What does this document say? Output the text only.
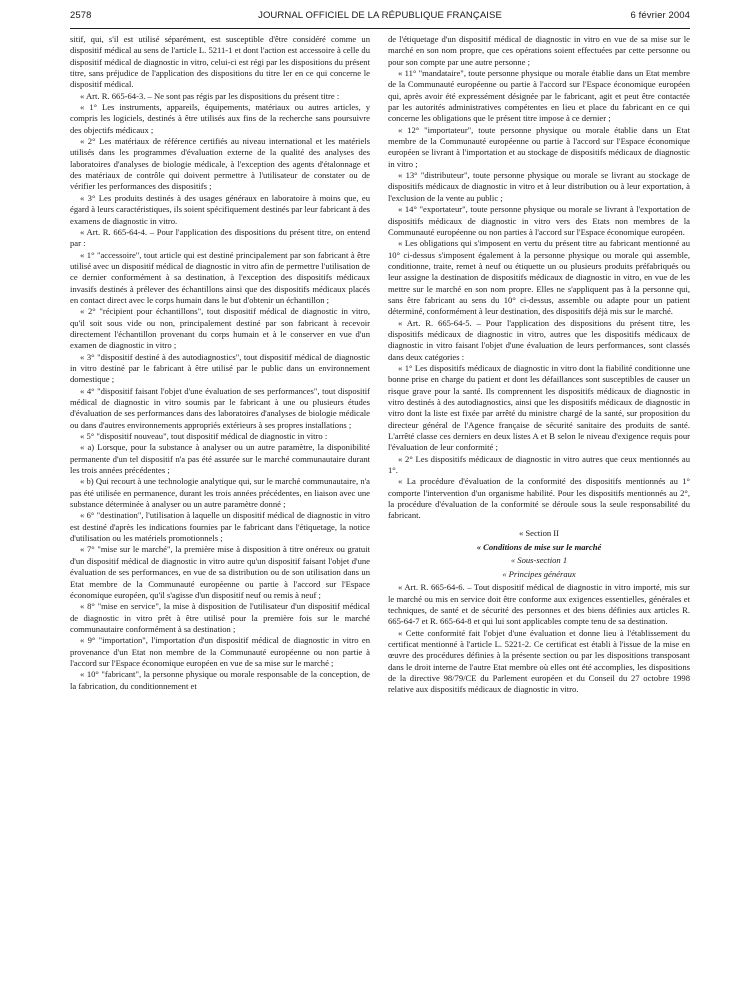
2578	JOURNAL OFFICIEL DE LA RÉPUBLIQUE FRANÇAISE	6 février 2004

sitif, qui, s'il est utilisé séparément, est susceptible d'être considéré comme un dispositif médical au sens de l'article L. 5211-1 et dont l'action est accessoire à celle du dispositif médical de diagnostic in vitro, celui-ci est régi par les dispositions du présent titre, sans préjudice de l'application des dispositions du titre Ier en ce qui concerne le dispositif médical.

« Art. R. 665-64-3. – Ne sont pas régis par les dispositions du présent titre :

« 1° Les instruments, appareils, équipements, matériaux ou autres articles, y compris les logiciels, destinés à être utilisés aux fins de la recherche sans poursuivre des objectifs médicaux ;

« 2° Les matériaux de référence certifiés au niveau international et les matériels utilisés dans les programmes d'évaluation externe de la qualité des analyses des laboratoires d'analyses de biologie médicale, à l'exception des agents d'étalonnage et des matériaux de contrôle qui doivent permettre à l'utilisateur de constater ou de vérifier les performances des dispositifs ;

« 3° Les produits destinés à des usages généraux en laboratoire à moins que, eu égard à leurs caractéristiques, ils soient spécifiquement destinés par leur fabricant à des examens de diagnostic in vitro.

« Art. R. 665-64-4. – Pour l'application des dispositions du présent titre, on entend par :

« 1° "accessoire", tout article qui est destiné principalement par son fabricant à être utilisé avec un dispositif médical de diagnostic in vitro afin de permettre l'utilisation de ce dernier conformément à sa destination, à l'exception des dispositifs médicaux invasifs destinés à prélever des échantillons ainsi que des dispositifs médicaux placés en contact direct avec le corps humain dans le but d'obtenir un échantillon ;

« 2° "récipient pour échantillons", tout dispositif médical de diagnostic in vitro, qu'il soit sous vide ou non, principalement destiné par son fabricant à recevoir directement l'échantillon provenant du corps humain et à le conserver en vue d'un examen de diagnostic in vitro ;

« 3° "dispositif destiné à des autodiagnostics", tout dispositif médical de diagnostic in vitro destiné par le fabricant à être utilisé par le public dans un environnement domestique ;

« 4° "dispositif faisant l'objet d'une évaluation de ses performances", tout dispositif médical de diagnostic in vitro soumis par le fabricant à une ou plusieurs études d'évaluation de ses performances dans des laboratoires d'analyses de biologie médicale ou dans d'autres environnements appropriés extérieurs à ses propres installations ;

« 5° "dispositif nouveau", tout dispositif médical de diagnostic in vitro :

« a) Lorsque, pour la substance à analyser ou un autre paramètre, la disponibilité permanente d'un tel dispositif n'a pas été assurée sur le marché communautaire durant les trois années précédentes ;

« b) Qui recourt à une technologie analytique qui, sur le marché communautaire, n'a pas été utilisée en permanence, durant les trois années précédentes, en liaison avec une substance déterminée à analyser ou un autre paramètre donné ;

« 6° "destination", l'utilisation à laquelle un dispositif médical de diagnostic in vitro est destiné d'après les indications fournies par le fabricant dans l'étiquetage, la notice d'utilisation ou les matériels promotionnels ;

« 7° "mise sur le marché", la première mise à disposition à titre onéreux ou gratuit d'un dispositif médical de diagnostic in vitro autre qu'un dispositif faisant l'objet d'une évaluation de ses performances, en vue de sa distribution ou de son utilisation dans un Etat membre de la Communauté européenne ou partie à l'accord sur l'Espace économique européen, qu'il s'agisse d'un dispositif neuf ou remis à neuf ;

« 8° "mise en service", la mise à disposition de l'utilisateur d'un dispositif médical de diagnostic in vitro prêt à être utilisé pour la première fois sur le marché communautaire conformément à sa destination ;

« 9° "importation", l'importation d'un dispositif médical de diagnostic in vitro en provenance d'un Etat non membre de la Communauté européenne ou non partie à l'accord sur l'Espace économique européen en vue de sa mise sur le marché ;

« 10° "fabricant", la personne physique ou morale responsable de la conception, de la fabrication, du conditionnement et

de l'étiquetage d'un dispositif médical de diagnostic in vitro en vue de sa mise sur le marché en son nom propre, que ces opérations soient effectuées par cette personne ou pour son compte par une autre personne ;

« 11° "mandataire", toute personne physique ou morale établie dans un Etat membre de la Communauté européenne ou partie à l'accord sur l'Espace économique européen qui, après avoir été expressément désignée par le fabricant, agit et peut être contactée par les autorités administratives compétentes en lieu et place du fabricant en ce qui concerne les obligations que le présent titre impose à ce dernier ;

« 12° "importateur", toute personne physique ou morale établie dans un Etat membre de la Communauté européenne ou partie à l'accord sur l'Espace économique européen se livrant à l'importation et au stockage de dispositifs médicaux de diagnostic in vitro ;

« 13° "distributeur", toute personne physique ou morale se livrant au stockage de dispositifs médicaux de diagnostic in vitro et à leur distribution ou à leur exportation, à l'exclusion de la vente au public ;

« 14° "exportateur", toute personne physique ou morale se livrant à l'exportation de dispositifs médicaux de diagnostic in vitro vers des Etats non membres de la Communauté européenne ou non parties à l'accord sur l'Espace économique européen.

« Les obligations qui s'imposent en vertu du présent titre au fabricant mentionné au 10° ci-dessus s'imposent également à la personne physique ou morale qui assemble, conditionne, traite, remet à neuf ou étiquette un ou plusieurs produits préfabriqués ou leur assigne la destination de dispositifs médicaux de diagnostic in vitro, en vue de les mettre sur le marché en son nom propre. Elles ne s'appliquent pas à la personne qui, sans être fabricant au sens du 10° ci-dessus, assemble ou adapte pour un patient déterminé, conformément à leur destination, des dispositifs déjà mis sur le marché.

« Art. R. 665-64-5. – Pour l'application des dispositions du présent titre, les dispositifs médicaux de diagnostic in vitro, autres que les dispositifs médicaux de diagnostic in vitro faisant l'objet d'une évaluation de leurs performances, sont classés dans deux catégories :

« 1° Les dispositifs médicaux de diagnostic in vitro dont la fiabilité conditionne une bonne prise en charge du patient et dont les défaillances sont susceptibles de causer un risque grave pour la santé. Ils comprennent les dispositifs médicaux de diagnostic in vitro destinés à des autodiagnostics, ainsi que les dispositifs médicaux de diagnostic in vitro dont la liste est fixée par arrêté du ministre chargé de la santé, sur proposition du directeur général de l'Agence française de sécurité sanitaire des produits de santé. L'arrêté classe ces derniers en deux listes A et B selon le niveau d'exigence requis pour l'évaluation de leur conformité ;

« 2° Les dispositifs médicaux de diagnostic in vitro autres que ceux mentionnés au 1°.

« La procédure d'évaluation de la conformité des dispositifs mentionnés au 1° comporte l'intervention d'un organisme habilité. Pour les dispositifs mentionnés au 2°, la procédure d'évaluation de la conformité se déroule sous la seule responsabilité du fabricant.

« Section II

« Conditions de mise sur le marché

« Sous-section 1

« Principes généraux

« Art. R. 665-64-6. – Tout dispositif médical de diagnostic in vitro importé, mis sur le marché ou mis en service doit être conforme aux exigences essentielles, générales et techniques, de santé et de sécurité des personnes et des biens définies aux articles R. 665-64-7 et R. 665-64-8 et qui lui sont applicables compte tenu de sa destination.

« Cette conformité fait l'objet d'une évaluation et donne lieu à l'établissement du certificat mentionné à l'article L. 5221-2. Ce certificat est établi à l'issue de la mise en œuvre des procédures définies à la présente section ou par les dispositions transposant dans le droit interne de l'autre Etat membre où elles ont été accomplies, les dispositions de la directive 98/79/CE du Parlement européen et du Conseil du 27 octobre 1998 relative aux dispositifs médicaux de diagnostic in vitro.
